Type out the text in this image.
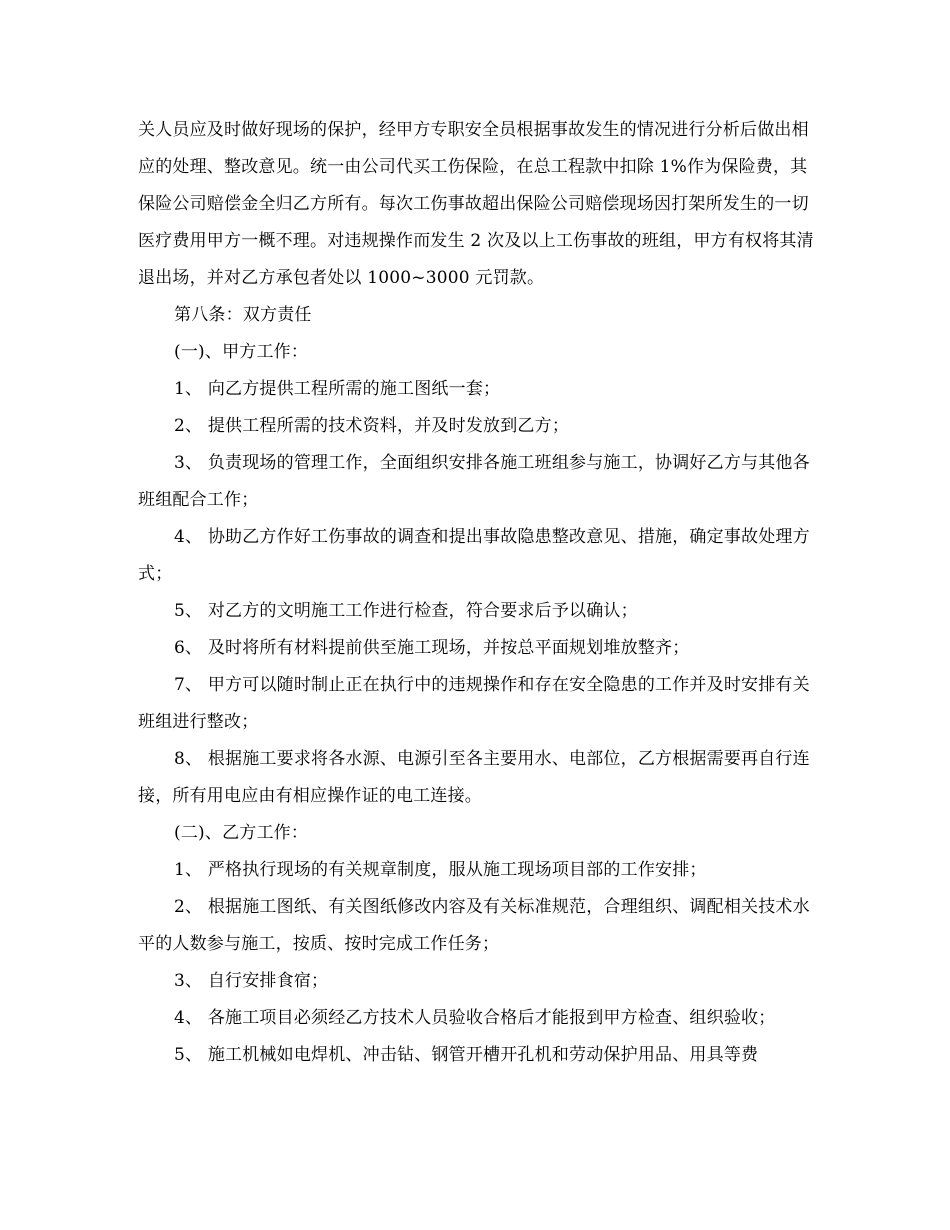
关人员应及时做好现场的保护，经甲方专职安全员根据事故发生的情况进行分析后做出相应的处理、整改意见。统一由公司代买工伤保险，在总工程款中扣除 1%作为保险费，其保险公司赔偿金全归乙方所有。每次工伤事故超出保险公司赔偿现场因打架所发生的一切医疗费用甲方一概不理。对违规操作而发生 2 次及以上工伤事故的班组，甲方有权将其清退出场，并对乙方承包者处以 1000~3000 元罚款。

第八条：双方责任

(一)、甲方工作：

1、 向乙方提供工程所需的施工图纸一套；

2、 提供工程所需的技术资料，并及时发放到乙方；

3、 负责现场的管理工作，全面组织安排各施工班组参与施工，协调好乙方与其他各班组配合工作；

4、 协助乙方作好工伤事故的调查和提出事故隐患整改意见、措施，确定事故处理方式；

5、 对乙方的文明施工工作进行检查，符合要求后予以确认；

6、 及时将所有材料提前供至施工现场，并按总平面规划堆放整齐；

7、 甲方可以随时制止正在执行中的违规操作和存在安全隐患的工作并及时安排有关班组进行整改；

8、 根据施工要求将各水源、电源引至各主要用水、电部位，乙方根据需要再自行连接，所有用电应由有相应操作证的电工连接。

(二)、乙方工作：

1、 严格执行现场的有关规章制度，服从施工现场项目部的工作安排；

2、 根据施工图纸、有关图纸修改内容及有关标准规范，合理组织、调配相关技术水平的人数参与施工，按质、按时完成工作任务；

3、 自行安排食宿；

4、 各施工项目必须经乙方技术人员验收合格后才能报到甲方检查、组织验收；

5、 施工机械如电焊机、冲击钻、钢管开槽开孔机和劳动保护用品、用具等费
